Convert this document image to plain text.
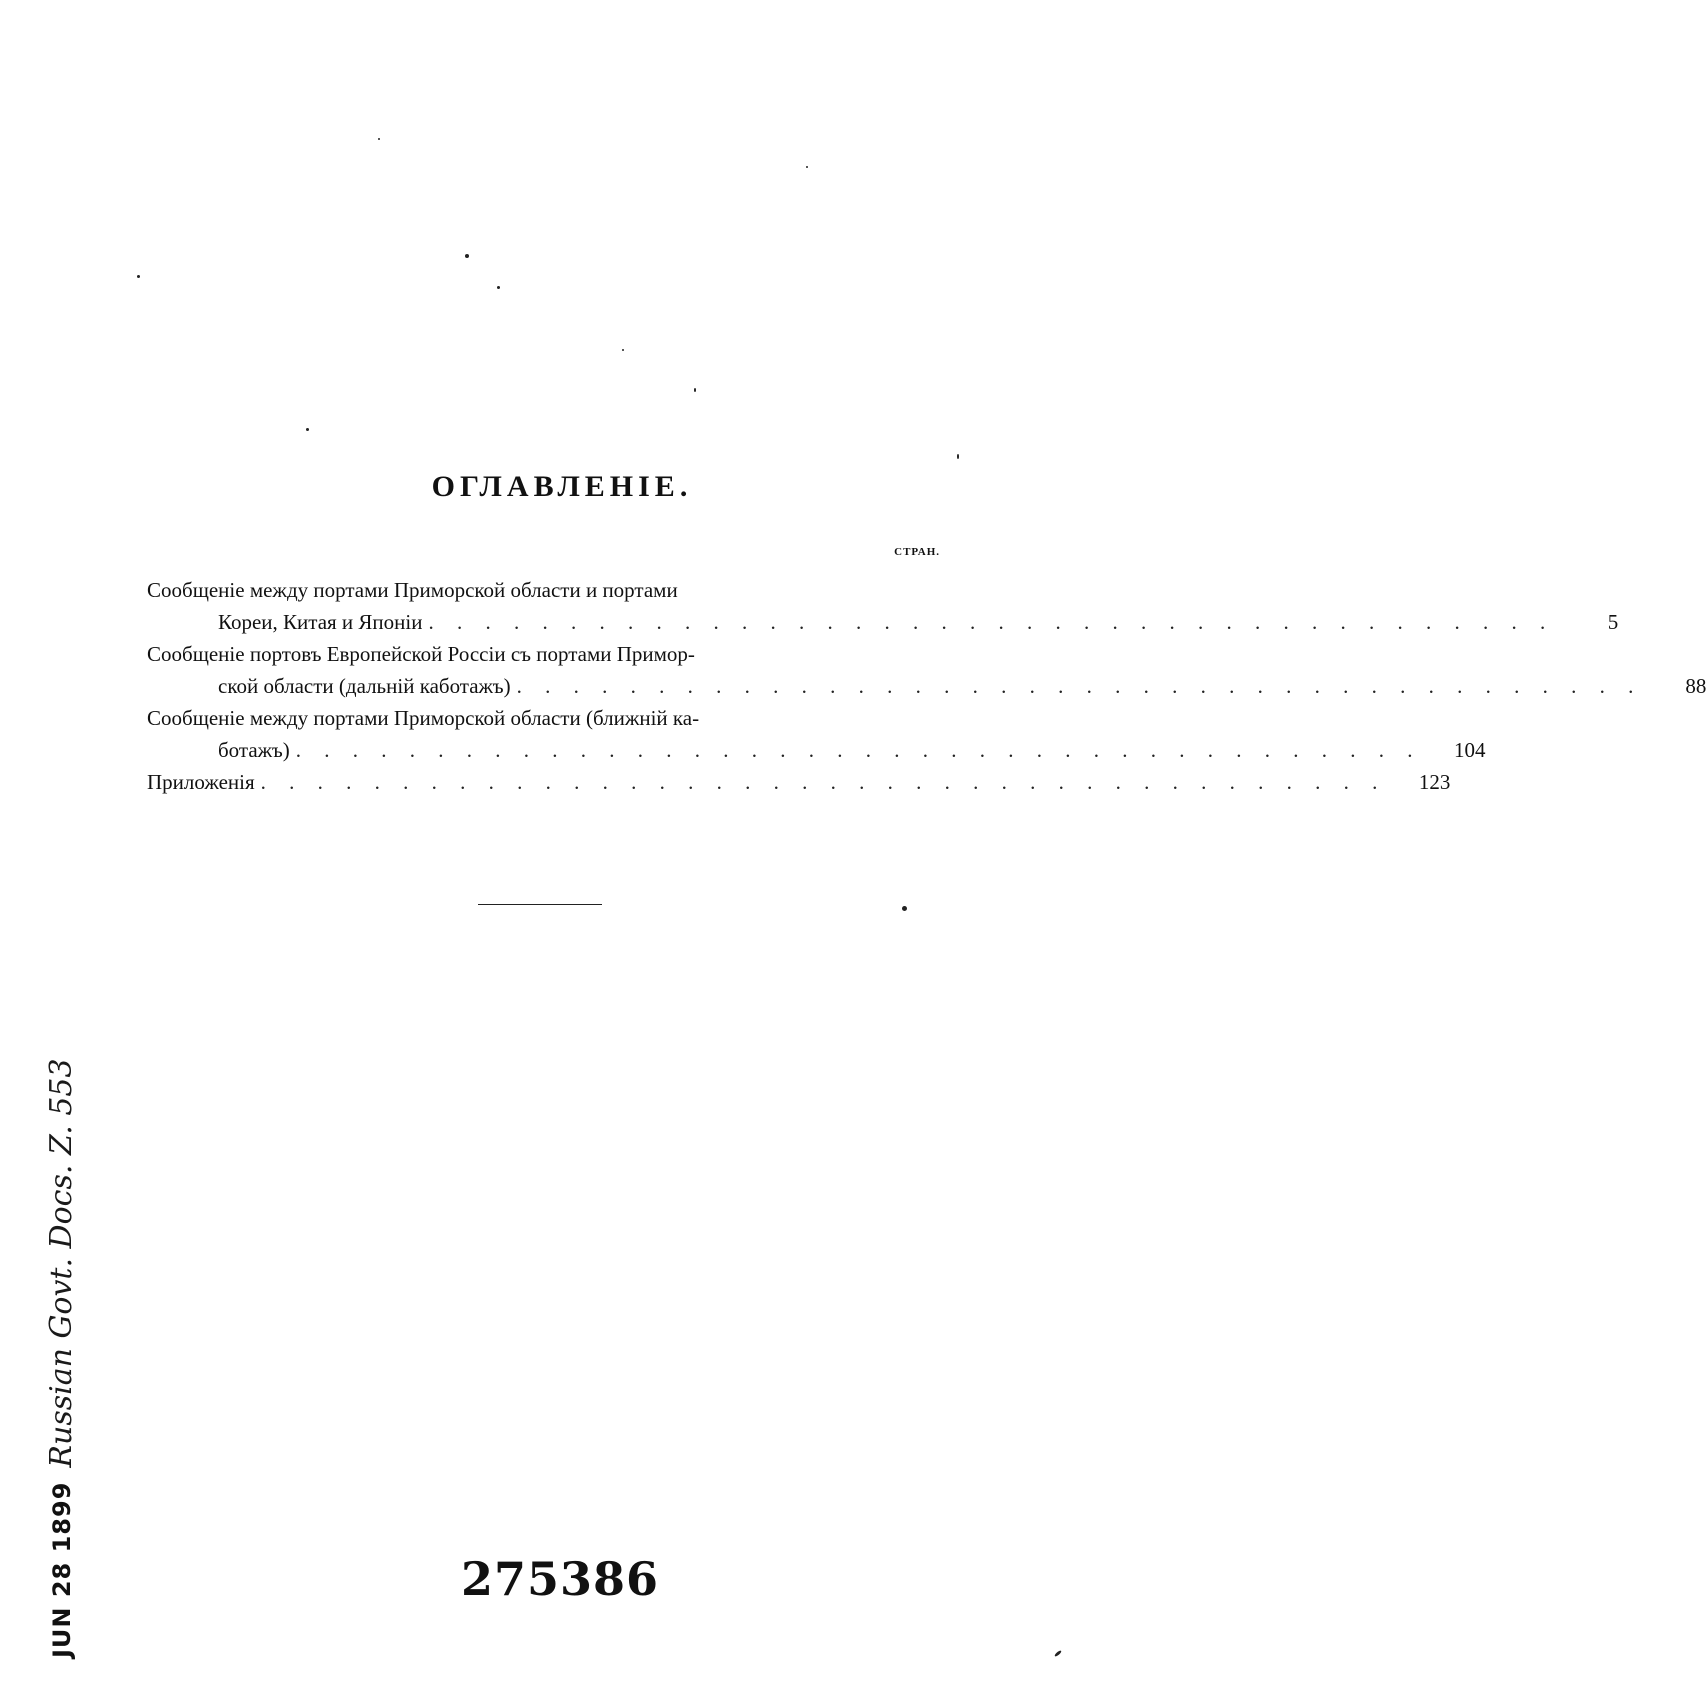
ОГЛАВЛЕНІЕ.
СТРАН.
Сообщеніе между портами Приморской области и портами
Кореи, Китая и Японіи . . . . . . . . . . . . . . . . . . . . . . . . . . . . . . . . . . . . . . . .	5
Сообщеніе портовъ Европейской Россіи съ портами Примор-
ской области (дальній каботажъ) . . . . . . . . . . . . . . . . . . . . . . . . . . . . . . . . . . . . . . . .	88
Сообщеніе между портами Приморской области (ближній ка-
ботажъ) . . . . . . . . . . . . . . . . . . . . . . . . . . . . . . . . . . . . . . . .	104
Приложенія . . . . . . . . . . . . . . . . . . . . . . . . . . . . . . . . . . . . . . . .	123
275386
JUN 28 1899
Russian Govt. Docs. Z. 553
